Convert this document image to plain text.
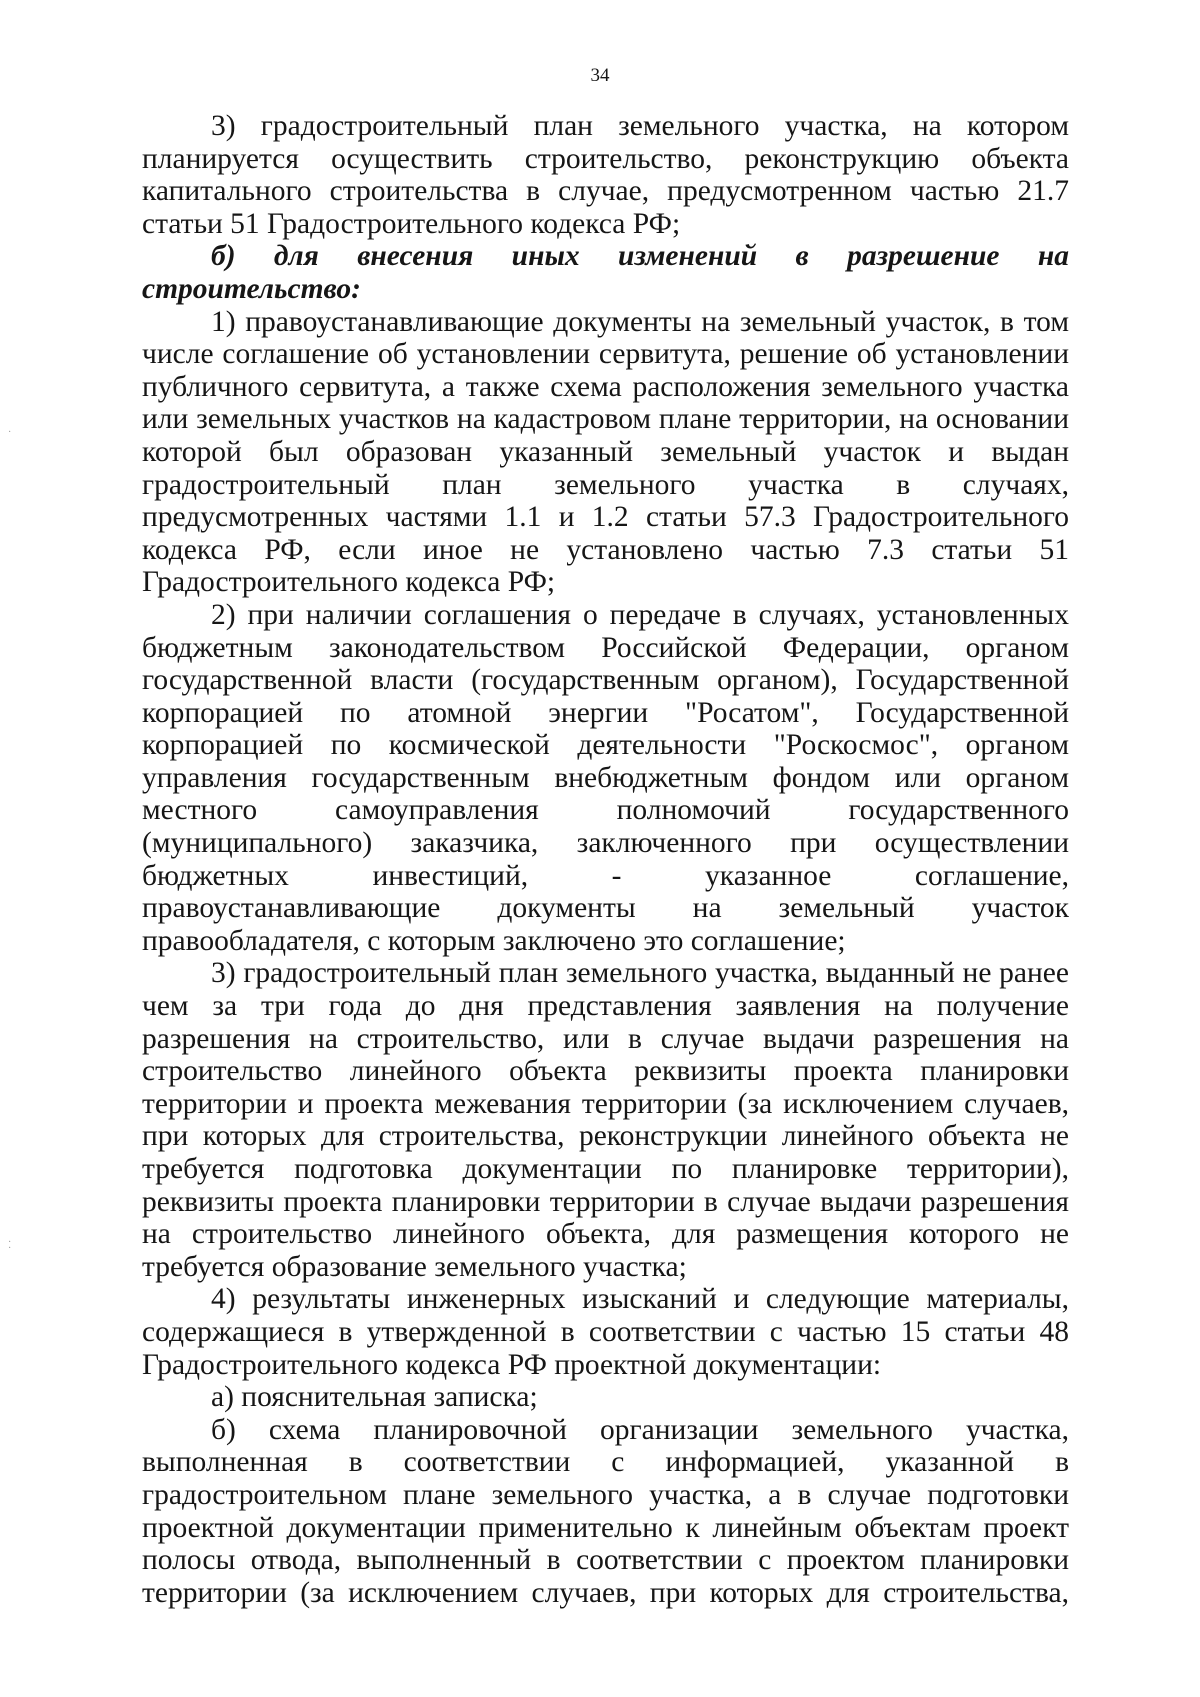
34

3) градостроительный план земельного участка, на котором планируется осуществить строительство, реконструкцию объекта капитального строительства в случае, предусмотренном частью 21.7 статьи 51 Градостроительного кодекса РФ;

б) для внесения иных изменений в разрешение на строительство:

1) правоустанавливающие документы на земельный участок, в том числе соглашение об установлении сервитута, решение об установлении публичного сервитута, а также схема расположения земельного участка или земельных участков на кадастровом плане территории, на основании которой был образован указанный земельный участок и выдан градостроительный план земельного участка в случаях, предусмотренных частями 1.1 и 1.2 статьи 57.3 Градостроительного кодекса РФ, если иное не установлено частью 7.3 статьи 51 Градостроительного кодекса РФ;

2) при наличии соглашения о передаче в случаях, установленных бюджетным законодательством Российской Федерации, органом государственной власти (государственным органом), Государственной корпорацией по атомной энергии "Росатом", Государственной корпорацией по космической деятельности "Роскосмос", органом управления государственным внебюджетным фондом или органом местного самоуправления полномочий государственного (муниципального) заказчика, заключенного при осуществлении бюджетных инвестиций, - указанное соглашение, правоустанавливающие документы на земельный участок правообладателя, с которым заключено это соглашение;

3) градостроительный план земельного участка, выданный не ранее чем за три года до дня представления заявления на получение разрешения на строительство, или в случае выдачи разрешения на строительство линейного объекта реквизиты проекта планировки территории и проекта межевания территории (за исключением случаев, при которых для строительства, реконструкции линейного объекта не требуется подготовка документации по планировке территории), реквизиты проекта планировки территории в случае выдачи разрешения на строительство линейного объекта, для размещения которого не требуется образование земельного участка;

4) результаты инженерных изысканий и следующие материалы, содержащиеся в утвержденной в соответствии с частью 15 статьи 48 Градостроительного кодекса РФ проектной документации:

а) пояснительная записка;

б) схема планировочной организации земельного участка, выполненная в соответствии с информацией, указанной в градостроительном плане земельного участка, а в случае подготовки проектной документации применительно к линейным объектам проект полосы отвода, выполненный в соответствии с проектом планировки территории (за исключением случаев, при которых для строительства,

·
· ·
